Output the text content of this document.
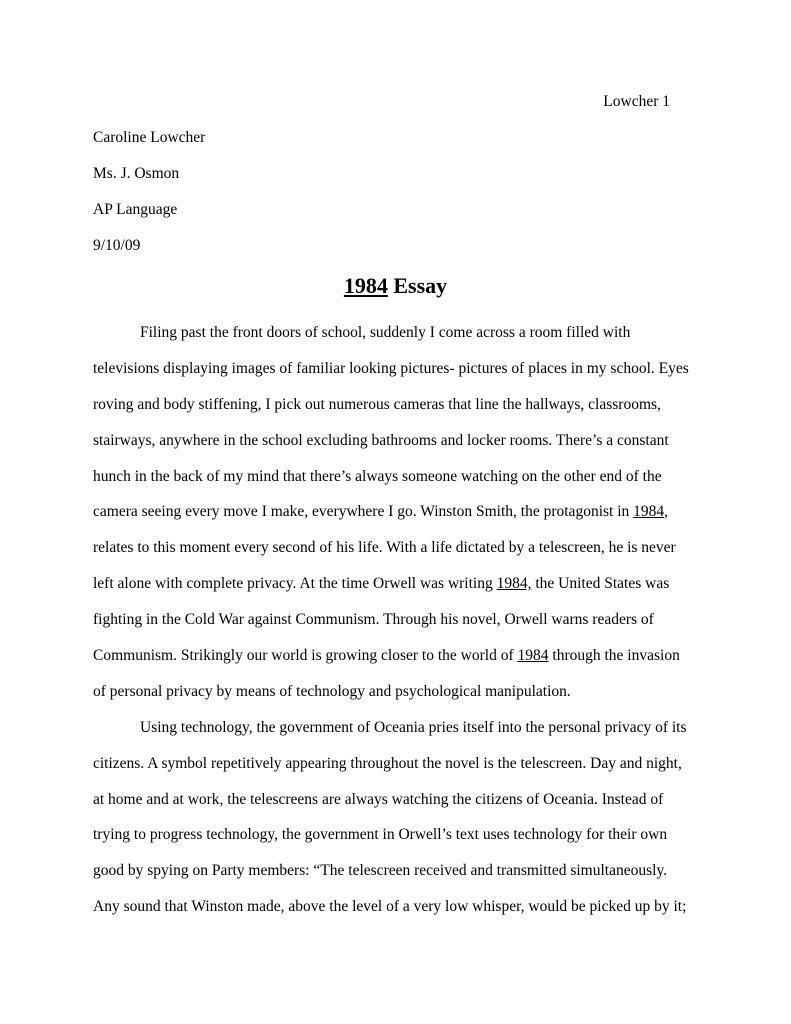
Lowcher 1
Caroline Lowcher
Ms. J. Osmon
AP Language
9/10/09
1984 Essay
Filing past the front doors of school, suddenly I come across a room filled with
televisions displaying images of familiar looking pictures- pictures of places in my school. Eyes
roving and body stiffening, I pick out numerous cameras that line the hallways, classrooms,
stairways, anywhere in the school excluding bathrooms and locker rooms. There’s a constant
hunch in the back of my mind that there’s always someone watching on the other end of the
camera seeing every move I make, everywhere I go. Winston Smith, the protagonist in 1984,
relates to this moment every second of his life. With a life dictated by a telescreen, he is never
left alone with complete privacy. At the time Orwell was writing 1984, the United States was
fighting in the Cold War against Communism. Through his novel, Orwell warns readers of
Communism. Strikingly our world is growing closer to the world of 1984 through the invasion
of personal privacy by means of technology and psychological manipulation.
Using technology, the government of Oceania pries itself into the personal privacy of its
citizens. A symbol repetitively appearing throughout the novel is the telescreen. Day and night,
at home and at work, the telescreens are always watching the citizens of Oceania. Instead of
trying to progress technology, the government in Orwell’s text uses technology for their own
good by spying on Party members: “The telescreen received and transmitted simultaneously.
Any sound that Winston made, above the level of a very low whisper, would be picked up by it;
